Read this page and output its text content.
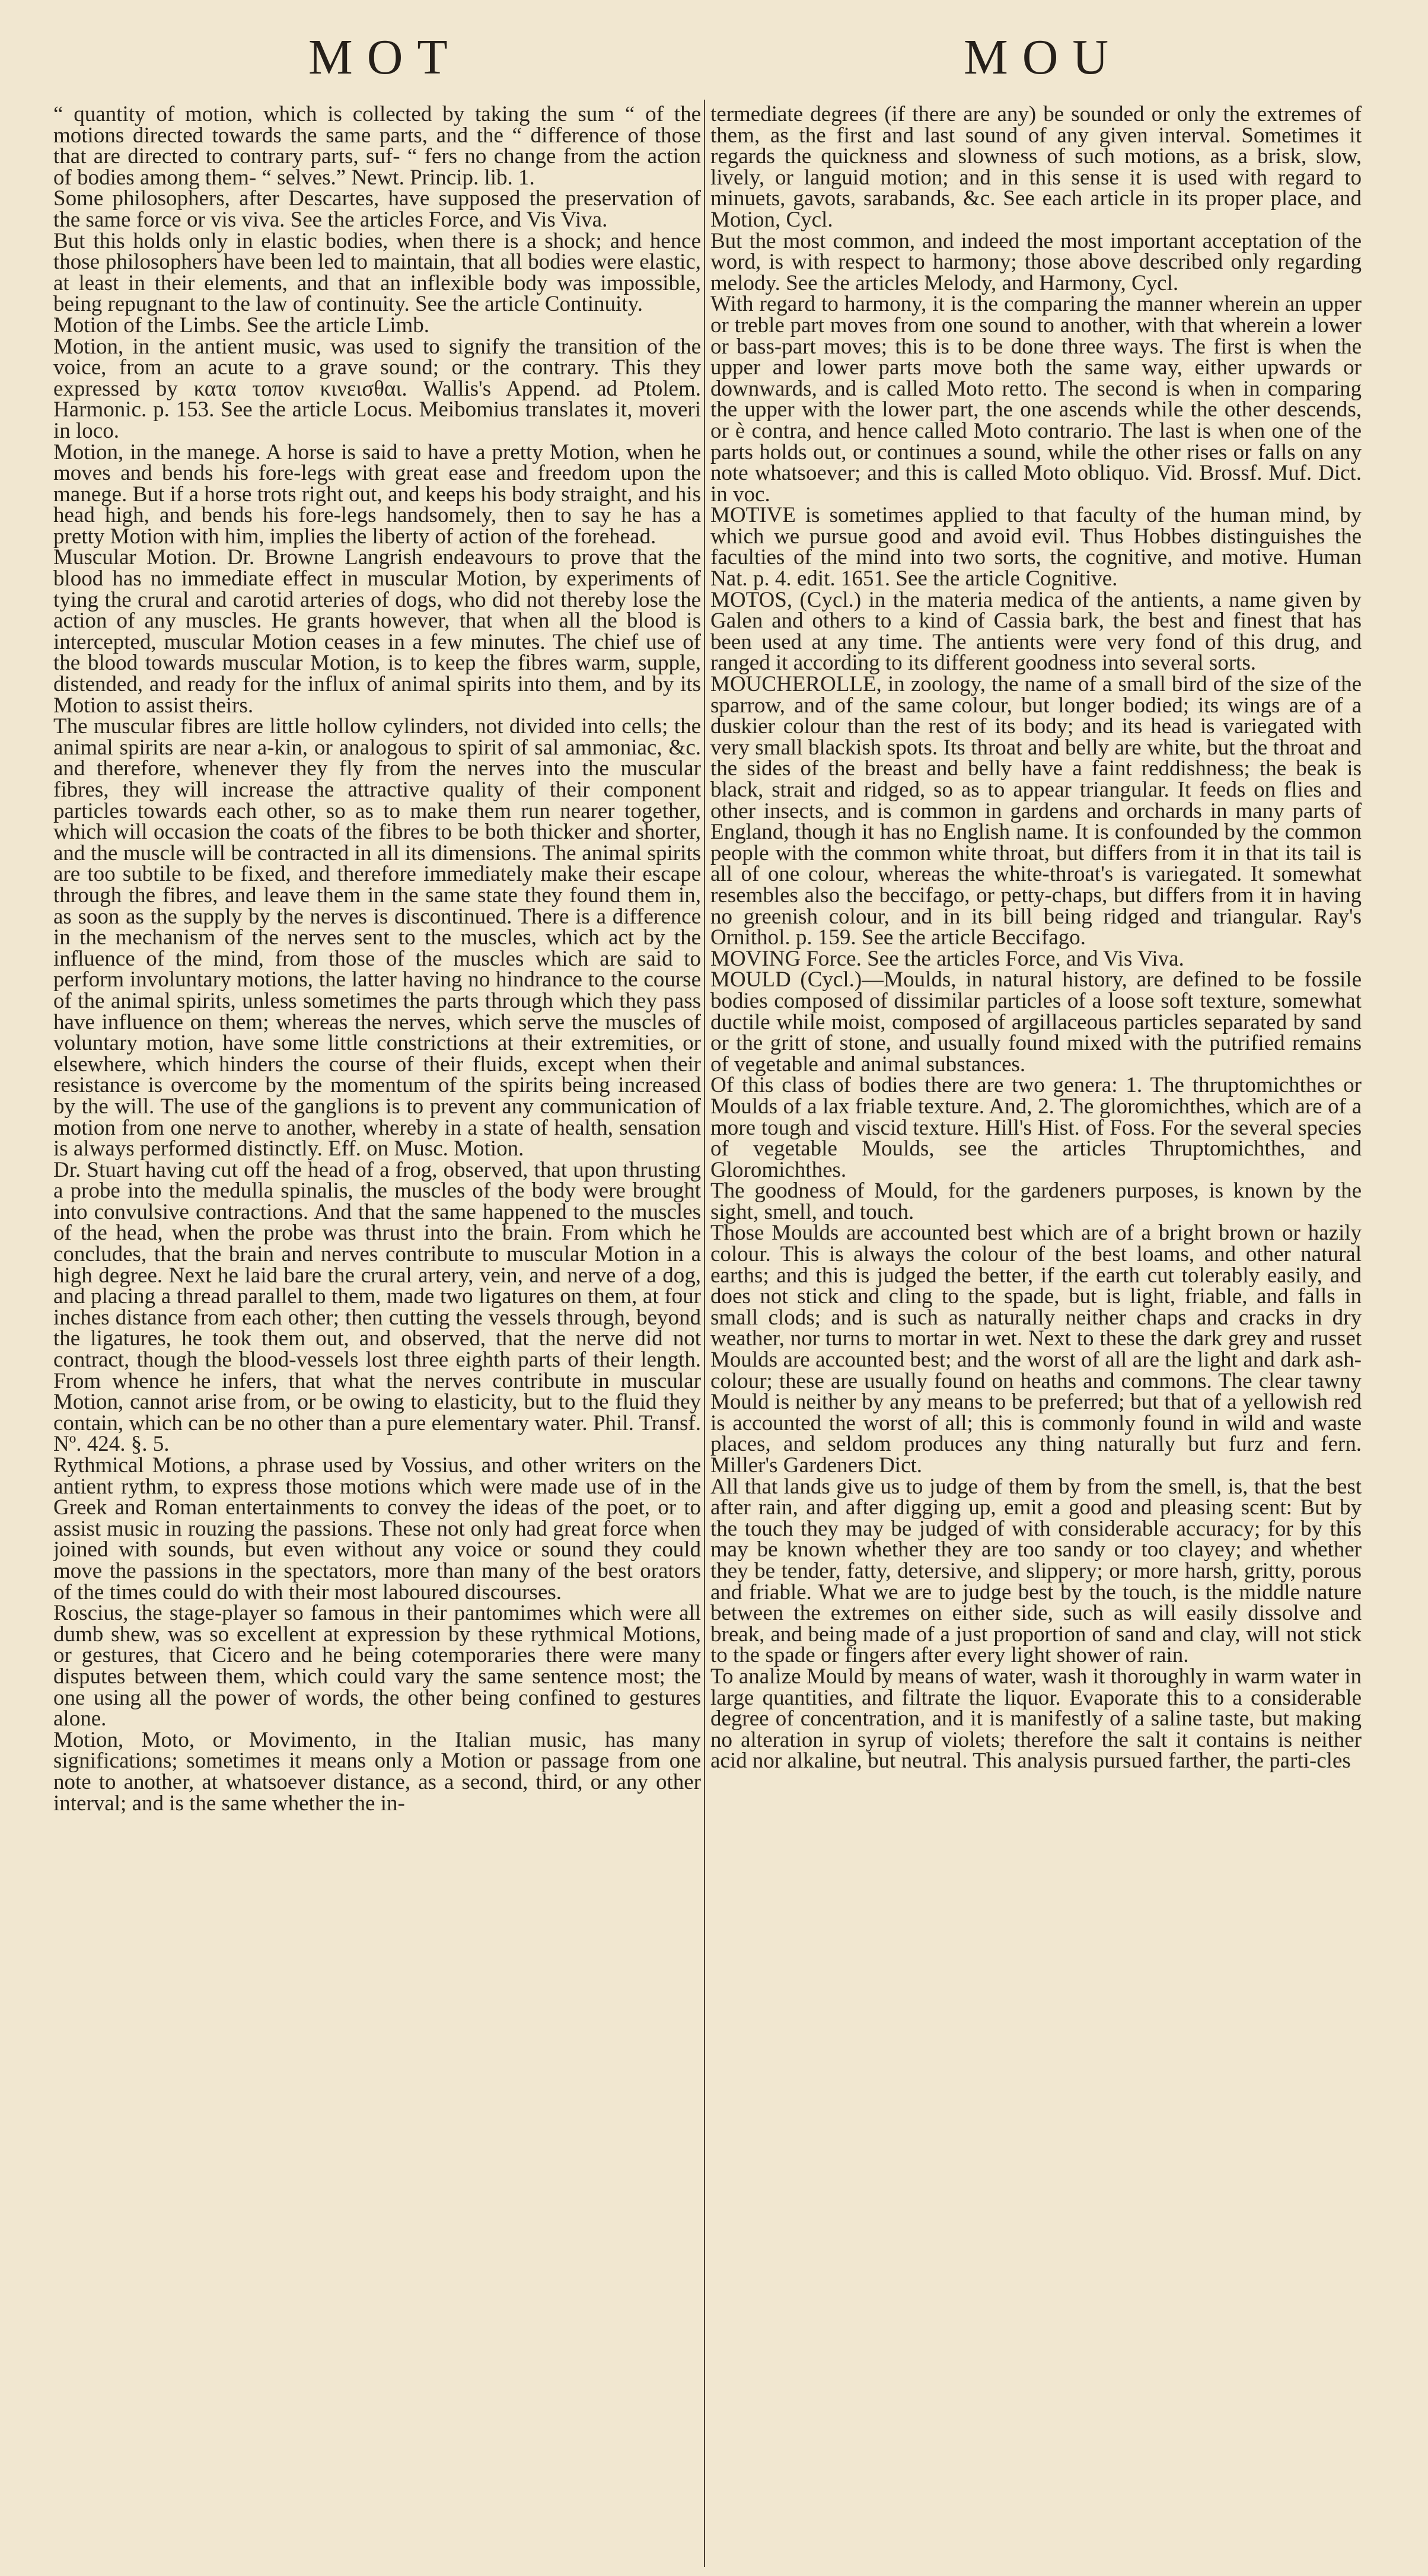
MOT	MOU

“ quantity of motion, which is collected by taking the sum “ of the motions directed towards the same parts, and the “ difference of those that are directed to contrary parts, suf- “ fers no change from the action of bodies among them- “ selves.” Newt. Princip. lib. 1.

Some philosophers, after Descartes, have supposed the preservation of the same force or vis viva. See the articles Force, and Vis Viva.

But this holds only in elastic bodies, when there is a shock; and hence those philosophers have been led to maintain, that all bodies were elastic, at least in their elements, and that an inflexible body was impossible, being repugnant to the law of continuity. See the article Continuity.

Motion of the Limbs. See the article Limb.

Motion, in the antient music, was used to signify the transition of the voice, from an acute to a grave sound; or the contrary. This they expressed by κατα τοπον κινεισθαι. Wallis's Append. ad Ptolem. Harmonic. p. 153. See the article Locus. Meibomius translates it, moveri in loco.

Motion, in the manege. A horse is said to have a pretty Motion, when he moves and bends his fore-legs with great ease and freedom upon the manege. But if a horse trots right out, and keeps his body straight, and his head high, and bends his fore-legs handsomely, then to say he has a pretty Motion with him, implies the liberty of action of the forehead.

Muscular Motion. Dr. Browne Langrish endeavours to prove that the blood has no immediate effect in muscular Motion, by experiments of tying the crural and carotid arteries of dogs, who did not thereby lose the action of any muscles. He grants however, that when all the blood is intercepted, muscular Motion ceases in a few minutes. The chief use of the blood towards muscular Motion, is to keep the fibres warm, supple, distended, and ready for the influx of animal spirits into them, and by its Motion to assist theirs.

The muscular fibres are little hollow cylinders, not divided into cells; the animal spirits are near a-kin, or analogous to spirit of sal ammoniac, &c. and therefore, whenever they fly from the nerves into the muscular fibres, they will increase the attractive quality of their component particles towards each other, so as to make them run nearer together, which will occasion the coats of the fibres to be both thicker and shorter, and the muscle will be contracted in all its dimensions. The animal spirits are too subtile to be fixed, and therefore immediately make their escape through the fibres, and leave them in the same state they found them in, as soon as the supply by the nerves is discontinued. There is a difference in the mechanism of the nerves sent to the muscles, which act by the influence of the mind, from those of the muscles which are said to perform involuntary motions, the latter having no hindrance to the course of the animal spirits, unless sometimes the parts through which they pass have influence on them; whereas the nerves, which serve the muscles of voluntary motion, have some little constrictions at their extremities, or elsewhere, which hinders the course of their fluids, except when their resistance is overcome by the momentum of the spirits being increased by the will. The use of the ganglions is to prevent any communication of motion from one nerve to another, whereby in a state of health, sensation is always performed distinctly. Eff. on Musc. Motion.

Dr. Stuart having cut off the head of a frog, observed, that upon thrusting a probe into the medulla spinalis, the muscles of the body were brought into convulsive contractions. And that the same happened to the muscles of the head, when the probe was thrust into the brain. From which he concludes, that the brain and nerves contribute to muscular Motion in a high degree. Next he laid bare the crural artery, vein, and nerve of a dog, and placing a thread parallel to them, made two ligatures on them, at four inches distance from each other; then cutting the vessels through, beyond the ligatures, he took them out, and observed, that the nerve did not contract, though the blood-vessels lost three eighth parts of their length. From whence he infers, that what the nerves contribute in muscular Motion, cannot arise from, or be owing to elasticity, but to the fluid they contain, which can be no other than a pure elementary water. Phil. Transf. Nº. 424. §. 5.

Rythmical Motions, a phrase used by Vossius, and other writers on the antient rythm, to express those motions which were made use of in the Greek and Roman entertainments to convey the ideas of the poet, or to assist music in rouzing the passions. These not only had great force when joined with sounds, but even without any voice or sound they could move the passions in the spectators, more than many of the best orators of the times could do with their most laboured discourses.

Roscius, the stage-player so famous in their pantomimes which were all dumb shew, was so excellent at expression by these rythmical Motions, or gestures, that Cicero and he being cotemporaries there were many disputes between them, which could vary the same sentence most; the one using all the power of words, the other being confined to gestures alone.

Motion, Moto, or Movimento, in the Italian music, has many significations; sometimes it means only a Motion or passage from one note to another, at whatsoever distance, as a second, third, or any other interval; and is the same whether the in-

termediate degrees (if there are any) be sounded or only the extremes of them, as the first and last sound of any given interval. Sometimes it regards the quickness and slowness of such motions, as a brisk, slow, lively, or languid motion; and in this sense it is used with regard to minuets, gavots, sarabands, &c. See each article in its proper place, and Motion, Cycl.

But the most common, and indeed the most important acceptation of the word, is with respect to harmony; those above described only regarding melody. See the articles Melody, and Harmony, Cycl.

With regard to harmony, it is the comparing the manner wherein an upper or treble part moves from one sound to another, with that wherein a lower or bass-part moves; this is to be done three ways. The first is when the upper and lower parts move both the same way, either upwards or downwards, and is called Moto retto. The second is when in comparing the upper with the lower part, the one ascends while the other descends, or è contra, and hence called Moto contrario. The last is when one of the parts holds out, or continues a sound, while the other rises or falls on any note whatsoever; and this is called Moto obliquo. Vid. Brossf. Muf. Dict. in voc.

MOTIVE is sometimes applied to that faculty of the human mind, by which we pursue good and avoid evil. Thus Hobbes distinguishes the faculties of the mind into two sorts, the cognitive, and motive. Human Nat. p. 4. edit. 1651. See the article Cognitive.

MOTOS, (Cycl.) in the materia medica of the antients, a name given by Galen and others to a kind of Cassia bark, the best and finest that has been used at any time. The antients were very fond of this drug, and ranged it according to its different goodness into several sorts.

MOUCHEROLLE, in zoology, the name of a small bird of the size of the sparrow, and of the same colour, but longer bodied; its wings are of a duskier colour than the rest of its body; and its head is variegated with very small blackish spots. Its throat and belly are white, but the throat and the sides of the breast and belly have a faint reddishness; the beak is black, strait and ridged, so as to appear triangular. It feeds on flies and other insects, and is common in gardens and orchards in many parts of England, though it has no English name. It is confounded by the common people with the common white throat, but differs from it in that its tail is all of one colour, whereas the white-throat's is variegated. It somewhat resembles also the beccifago, or petty-chaps, but differs from it in having no greenish colour, and in its bill being ridged and triangular. Ray's Ornithol. p. 159. See the article Beccifago.

MOVING Force. See the articles Force, and Vis Viva.

MOULD (Cycl.)—Moulds, in natural history, are defined to be fossile bodies composed of dissimilar particles of a loose soft texture, somewhat ductile while moist, composed of argillaceous particles separated by sand or the gritt of stone, and usually found mixed with the putrified remains of vegetable and animal substances.

Of this class of bodies there are two genera: 1. The thruptomichthes or Moulds of a lax friable texture. And, 2. The gloromichthes, which are of a more tough and viscid texture. Hill's Hist. of Foss. For the several species of vegetable Moulds, see the articles Thruptomichthes, and Gloromichthes.

The goodness of Mould, for the gardeners purposes, is known by the sight, smell, and touch.

Those Moulds are accounted best which are of a bright brown or hazily colour. This is always the colour of the best loams, and other natural earths; and this is judged the better, if the earth cut tolerably easily, and does not stick and cling to the spade, but is light, friable, and falls in small clods; and is such as naturally neither chaps and cracks in dry weather, nor turns to mortar in wet. Next to these the dark grey and russet Moulds are accounted best; and the worst of all are the light and dark ash-colour; these are usually found on heaths and commons. The clear tawny Mould is neither by any means to be preferred; but that of a yellowish red is accounted the worst of all; this is commonly found in wild and waste places, and seldom produces any thing naturally but furz and fern. Miller's Gardeners Dict.

All that lands give us to judge of them by from the smell, is, that the best after rain, and after digging up, emit a good and pleasing scent: But by the touch they may be judged of with considerable accuracy; for by this may be known whether they are too sandy or too clayey; and whether they be tender, fatty, detersive, and slippery; or more harsh, gritty, porous and friable. What we are to judge best by the touch, is the middle nature between the extremes on either side, such as will easily dissolve and break, and being made of a just proportion of sand and clay, will not stick to the spade or fingers after every light shower of rain.

To analize Mould by means of water, wash it thoroughly in warm water in large quantities, and filtrate the liquor. Evaporate this to a considerable degree of concentration, and it is manifestly of a saline taste, but making no alteration in syrup of violets; therefore the salt it contains is neither acid nor alkaline, but neutral. This analysis pursued farther, the parti-cles
